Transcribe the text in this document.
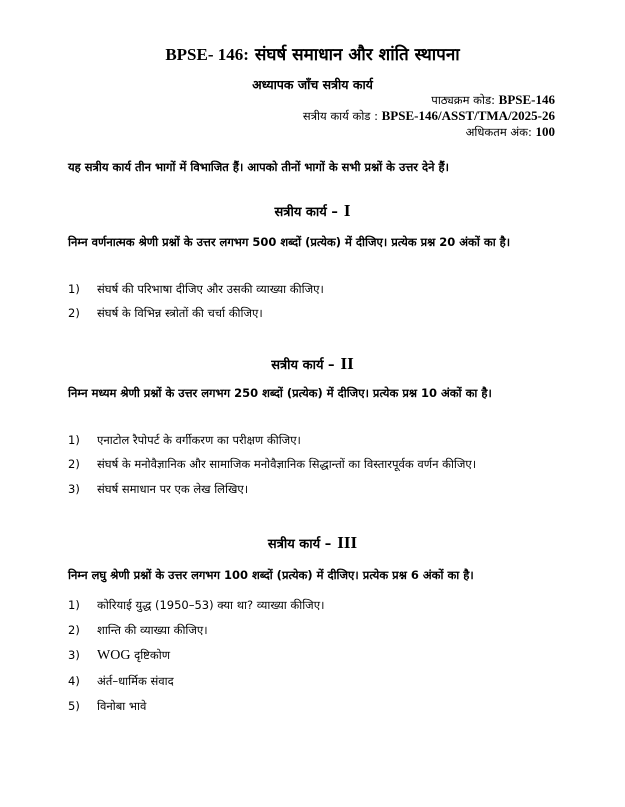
BPSE- 146: संघर्ष समाधान और शांति स्थापना
अध्यापक जाँच सत्रीय कार्य
पाठ्यक्रम कोड: BPSE-146
सत्रीय कार्य कोड : BPSE-146/ASST/TMA/2025-26
अधिकतम अंक: 100
यह सत्रीय कार्य तीन भागों में विभाजित हैं। आपको तीनों भागों के सभी प्रश्नों के उत्तर देने हैं।
सत्रीय कार्य – I
निम्न वर्णनात्मक श्रेणी प्रश्नों के उत्तर लगभग 500 शब्दों (प्रत्येक) में दीजिए। प्रत्येक प्रश्न 20 अंकों का है।
1) संघर्ष की परिभाषा दीजिए और उसकी व्याख्या कीजिए।
2) संघर्ष के विभिन्न स्त्रोतों की चर्चा कीजिए।
सत्रीय कार्य – II
निम्न मध्यम श्रेणी प्रश्नों के उत्तर लगभग 250 शब्दों (प्रत्येक) में दीजिए। प्रत्येक प्रश्न 10 अंकों का है।
1) एनाटोल रैपोपर्ट के वर्गीकरण का परीक्षण कीजिए।
2) संघर्ष के मनोवैज्ञानिक और सामाजिक मनोवैज्ञानिक सिद्धान्तों का विस्तारपूर्वक वर्णन कीजिए।
3) संघर्ष समाधान पर एक लेख लिखिए।
सत्रीय कार्य – III
निम्न लघु श्रेणी प्रश्नों के उत्तर लगभग 100 शब्दों (प्रत्येक) में दीजिए। प्रत्येक प्रश्न 6 अंकों का है।
1) कोरियाई युद्ध (1950–53) क्या था? व्याख्या कीजिए।
2) शान्ति की व्याख्या कीजिए।
3) WOG दृष्टिकोण
4) अंर्त–धार्मिक संवाद
5) विनोबा भावे
